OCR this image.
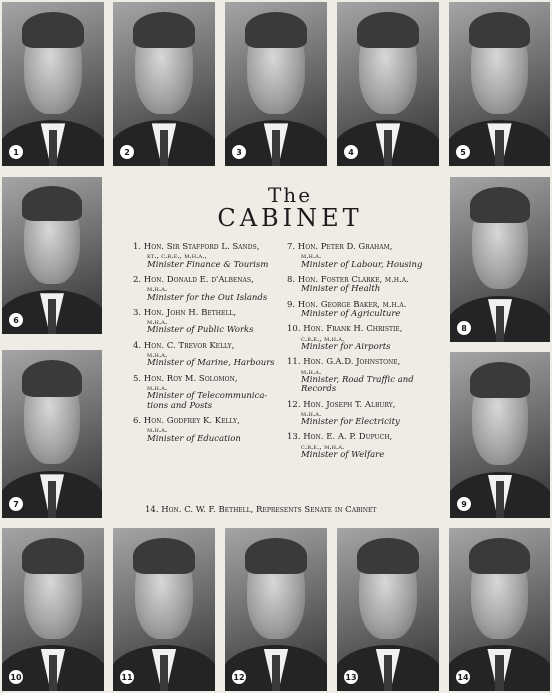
1	2	3	4	5
6
7
8
9
10	11	12	13	14
The
CABINET
1. Hon. Sir Stafford L. Sands,
kt., c.b.e., m.h.a.,
Minister Finance & Tourism
2. Hon. Donald E. d'Albenas,
m.h.a.
Minister for the Out Islands
3. Hon. John H. Bethell,
m.h.a.
Minister of Public Works
4. Hon. C. Trevor Kelly,
m.h.a.
Minister of Marine, Harbours
5. Hon. Roy M. Solomon,
m.h.a.
Minister of Telecommunica-
tions and Posts
6. Hon. Godfrey K. Kelly,
m.h.a.
Minister of Education
7. Hon. Peter D. Graham,
m.h.a.
Minister of Labour, Housing
8. Hon. Foster Clarke, m.h.a.
Minister of Health
9. Hon. George Baker, m.h.a.
Minister of Agriculture
10. Hon. Frank H. Christie,
c.b.e., m.h.a.
Minister for Airports
11. Hon. G.A.D. Johnstone,
m.h.a.
Minister, Road Traffic and
Records
12. Hon. Joseph T. Albury,
m.h.a.
Minister for Electricity
13. Hon. E. A. P. Dupuch,
c.b.e., m.h.a.
Minister of Welfare
14. Hon. C. W. F. Bethell, Represents Senate in Cabinet
